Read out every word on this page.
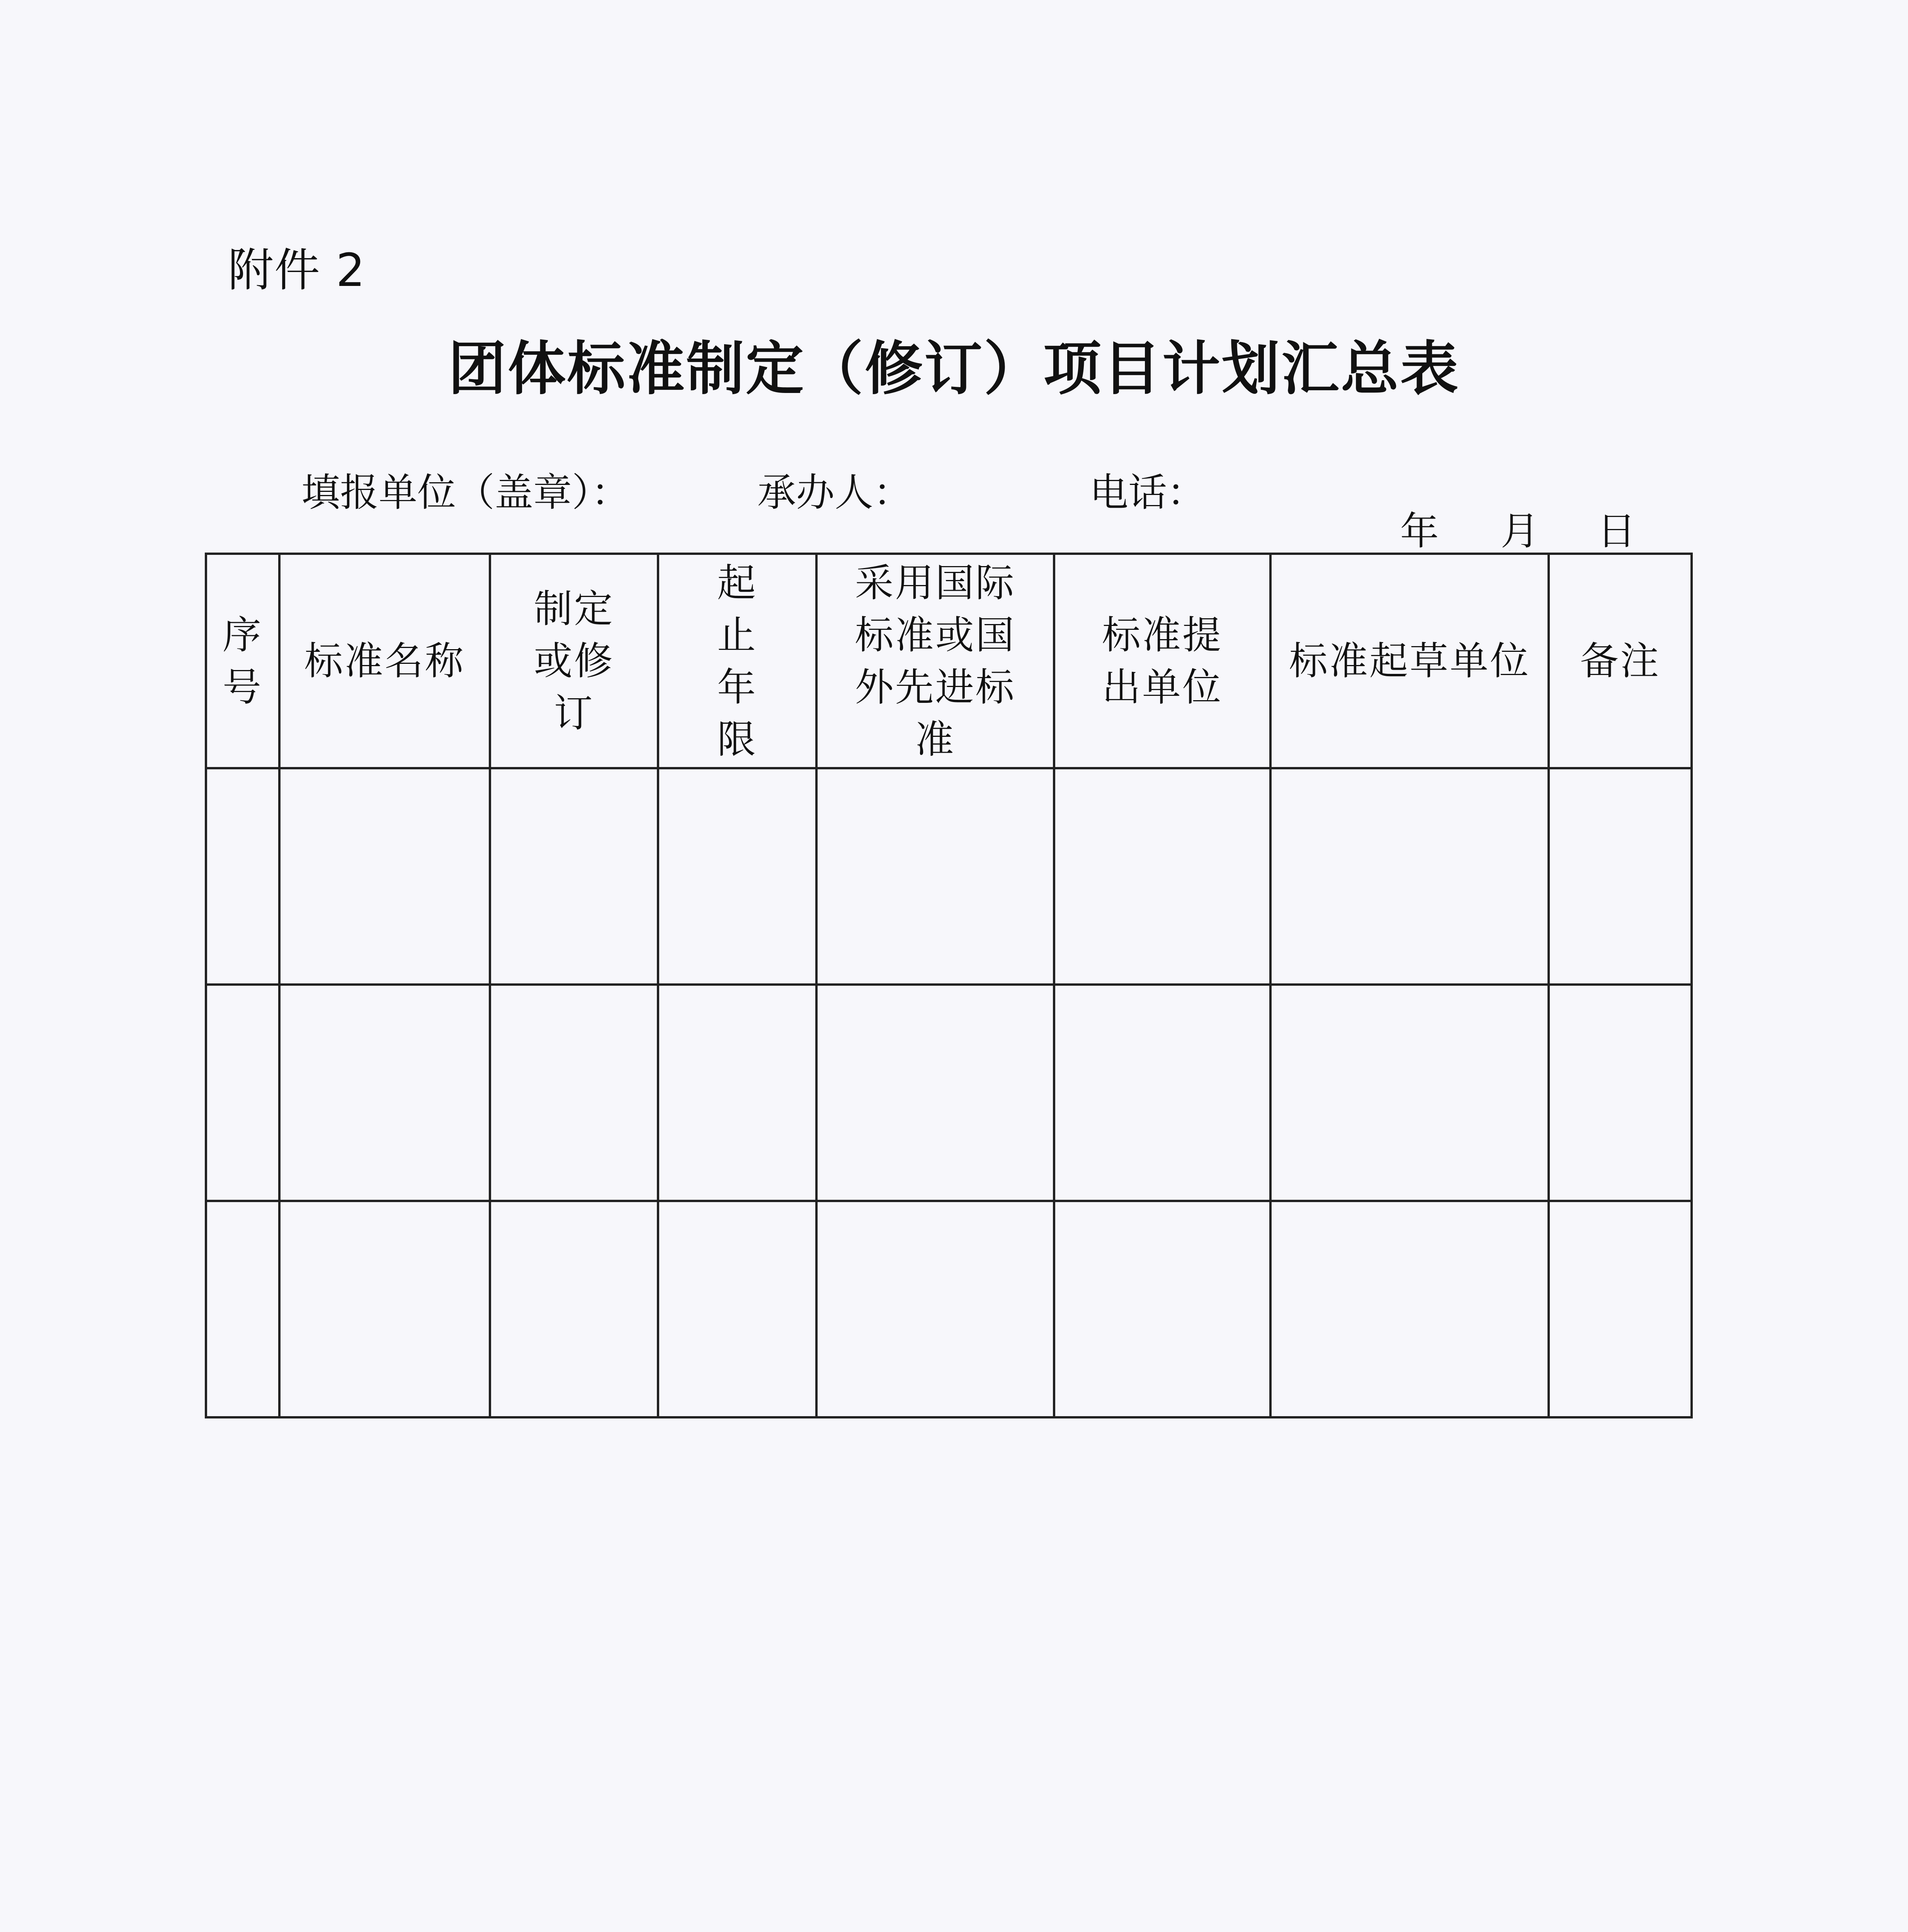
附件 2
团体标准制定（修订）项目计划汇总表
填报单位（盖章）：	承办人：	电话：

年 月 日

序号	标准名称	制定或修订	起止年限	采用国际标准或国外先进标准	标准提出单位	标准起草单位	备注
